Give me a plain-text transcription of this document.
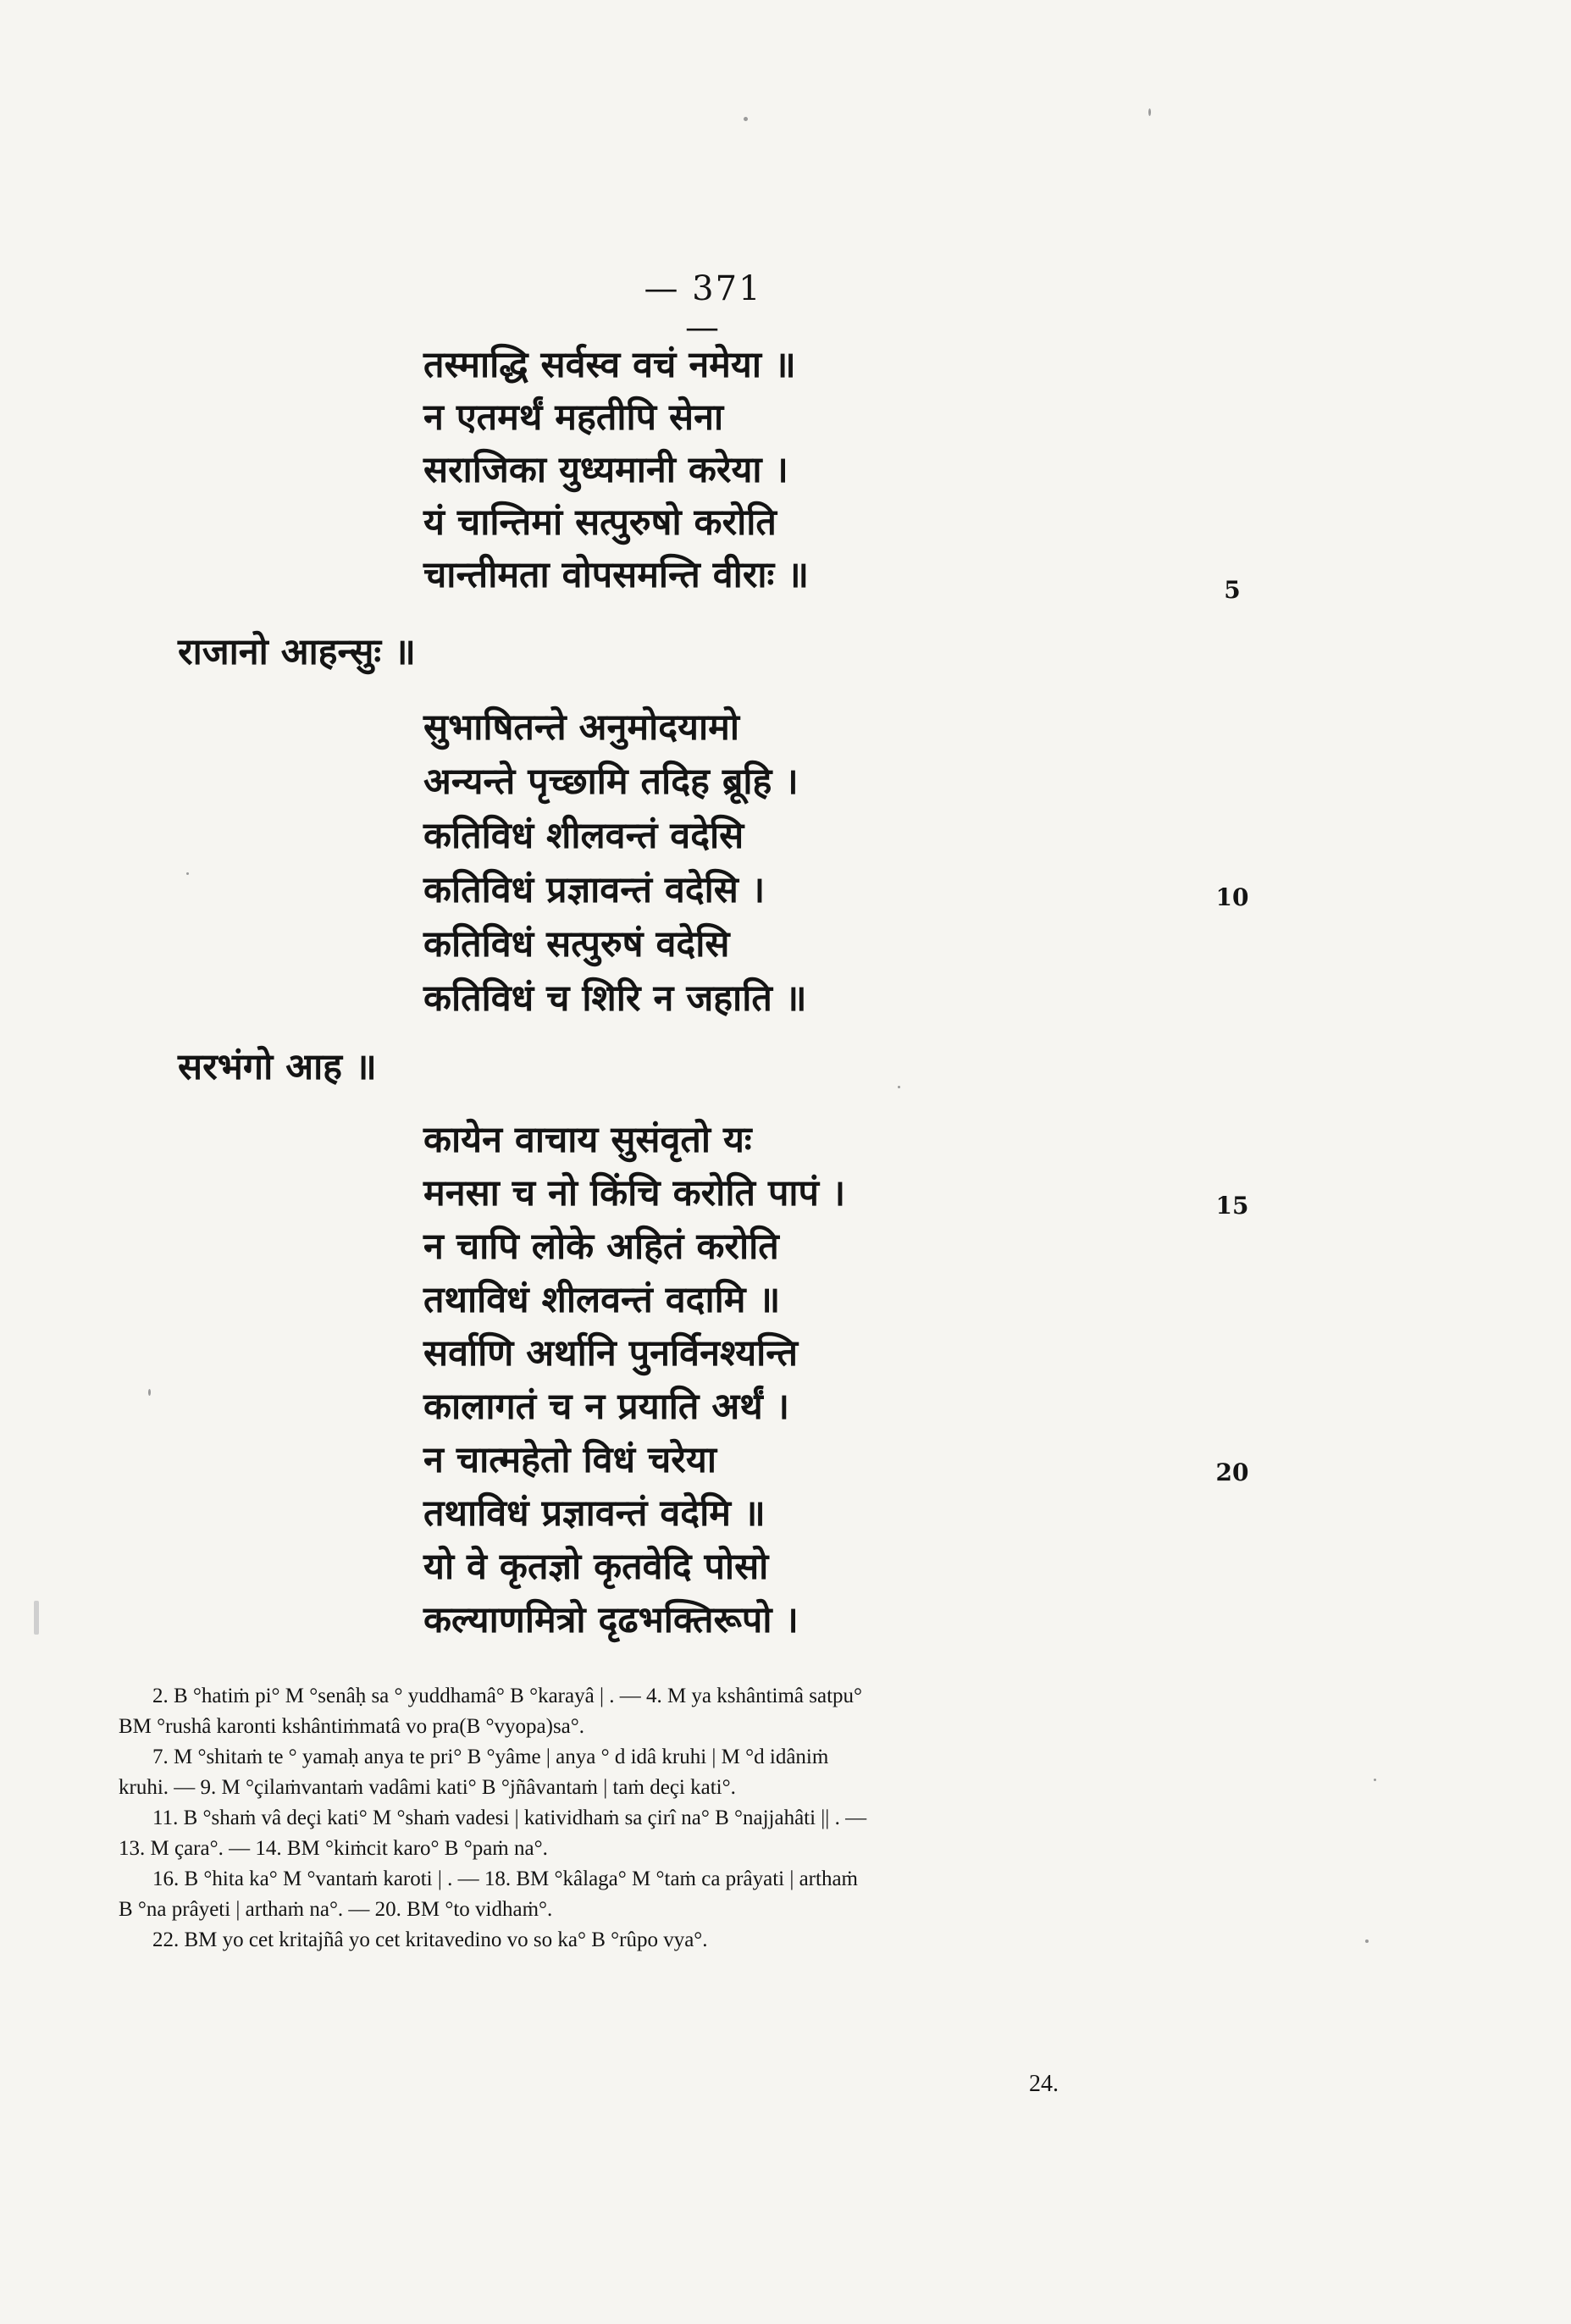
— 371 —
तस्माद्धि सर्वस्व वचं नमेया ॥
न एतमर्थं महतीपि सेना
सराजिका युध्यमानी करेया ।
यं चान्तिमां सत्पुरुषो करोति
चान्तीमता वोपसमन्ति वीराः ॥	5
राजानो आहन्सुः ॥
सुभाषितन्ते अनुमोदयामो
अन्यन्ते पृच्छामि तदिह ब्रूहि ।
कतिविधं शीलवन्तं वदेसि
कतिविधं प्रज्ञावन्तं वदेसि ।
कतिविधं सत्पुरुषं वदेसि
कतिविधं च शिरि न जहाति ॥
10
सरभंगो आह ॥
कायेन वाचाय सुसंवृतो यः
मनसा च नो किंचि करोति पापं ।
न चापि लोके अहितं करोति
तथाविधं शीलवन्तं वदामि ॥
सर्वाणि अर्थानि पुनर्विनश्यन्ति
कालागतं च न प्रयाति अर्थं ।
न चात्महेतो विधं चरेया
तथाविधं प्रज्ञावन्तं वदेमि ॥
यो वे कृतज्ञो कृतवेदि पोसो
कल्याणमित्रो दृढभक्तिरूपो ।
15
20

2. B °hatiṁ pi° M °senâḥ sa ° yuddhamâ° B °karayâ | . — 4. M ya kshântimâ satpu°

BM °rushâ karonti kshântiṁmatâ vo pra(B °vyopa)sa°.

7. M °shitaṁ te ° yamaḥ anya te pri° B °yâme | anya ° d idâ kruhi | M °d idâniṁ

kruhi. — 9. M °çilaṁvantaṁ vadâmi kati° B °jñâvantaṁ | taṁ deçi kati°.

11. B °shaṁ vâ deçi kati° M °shaṁ vadesi | katividhaṁ sa çirî na° B °najjahâti || . —

13. M çara°. — 14. BM °kiṁcit karo° B °paṁ na°.

16. B °hita ka° M °vantaṁ karoti | . — 18. BM °kâlaga° M °taṁ ca prâyati | arthaṁ

B °na prâyeti | arthaṁ na°. — 20. BM °to vidhaṁ°.

22. BM yo cet kritajñâ yo cet kritavedino vo so ka° B °rûpo vya°.

24.
